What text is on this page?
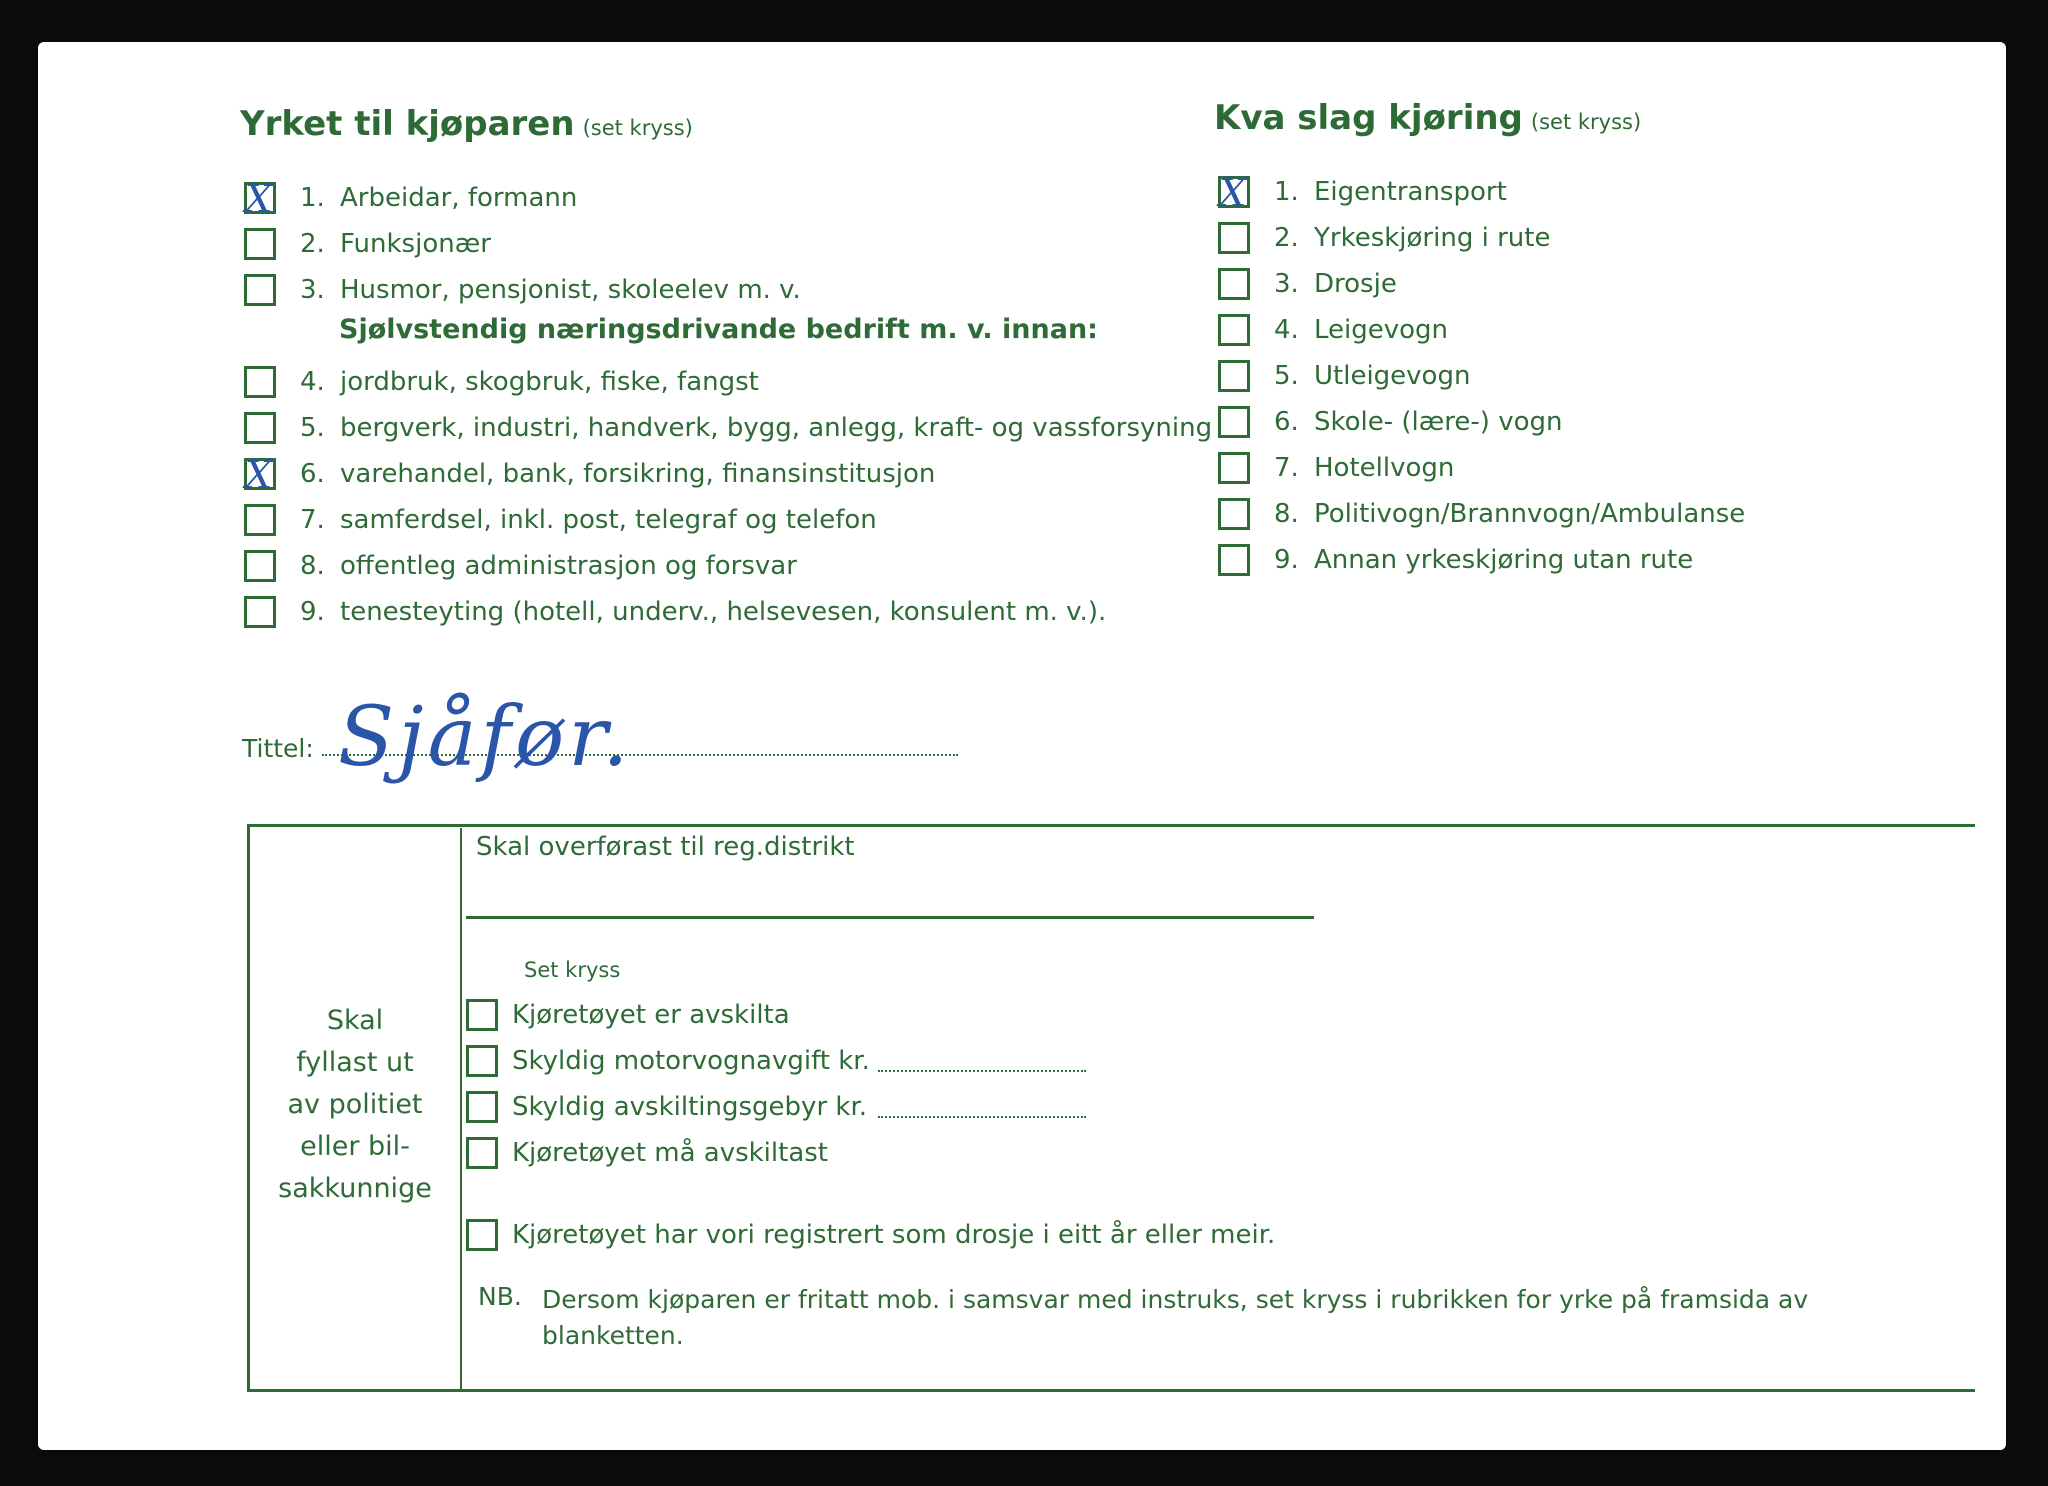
Yrket til kjøparen (set kryss)	Kva slag kjøring (set kryss)
X 1. Arbeidar, formann
2. Funksjonær
3. Husmor, pensjonist, skoleelev m. v.
Sjølvstendig næringsdrivande bedrift m. v. innan:
4. jordbruk, skogbruk, fiske, fangst
5. bergverk, industri, handverk, bygg, anlegg, kraft- og vassforsyning
X 6. varehandel, bank, forsikring, finansinstitusjon
7. samferdsel, inkl. post, telegraf og telefon
8. offentleg administrasjon og forsvar
9. tenesteyting (hotell, underv., helsevesen, konsulent m. v.).
X 1. Eigentransport
2. Yrkeskjøring i rute
3. Drosje
4. Leigevogn
5. Utleigevogn
6. Skole- (lære-) vogn
7. Hotellvogn
8. Politivogn/Brannvogn/Ambulanse
9. Annan yrkeskjøring utan rute
Tittel: Sjåfør.
Skal
fyllast ut
av politiet
eller bil-
sakkunnige
Skal overførast til reg.distrikt
Set kryss
Kjøretøyet er avskilta
Skyldig motorvognavgift kr.
Skyldig avskiltingsgebyr kr.
Kjøretøyet må avskiltast
Kjøretøyet har vori registrert som drosje i eitt år eller meir.
NB. Dersom kjøparen er fritatt mob. i samsvar med instruks, set kryss i rubrikken for yrke på framsida av blanketten.
